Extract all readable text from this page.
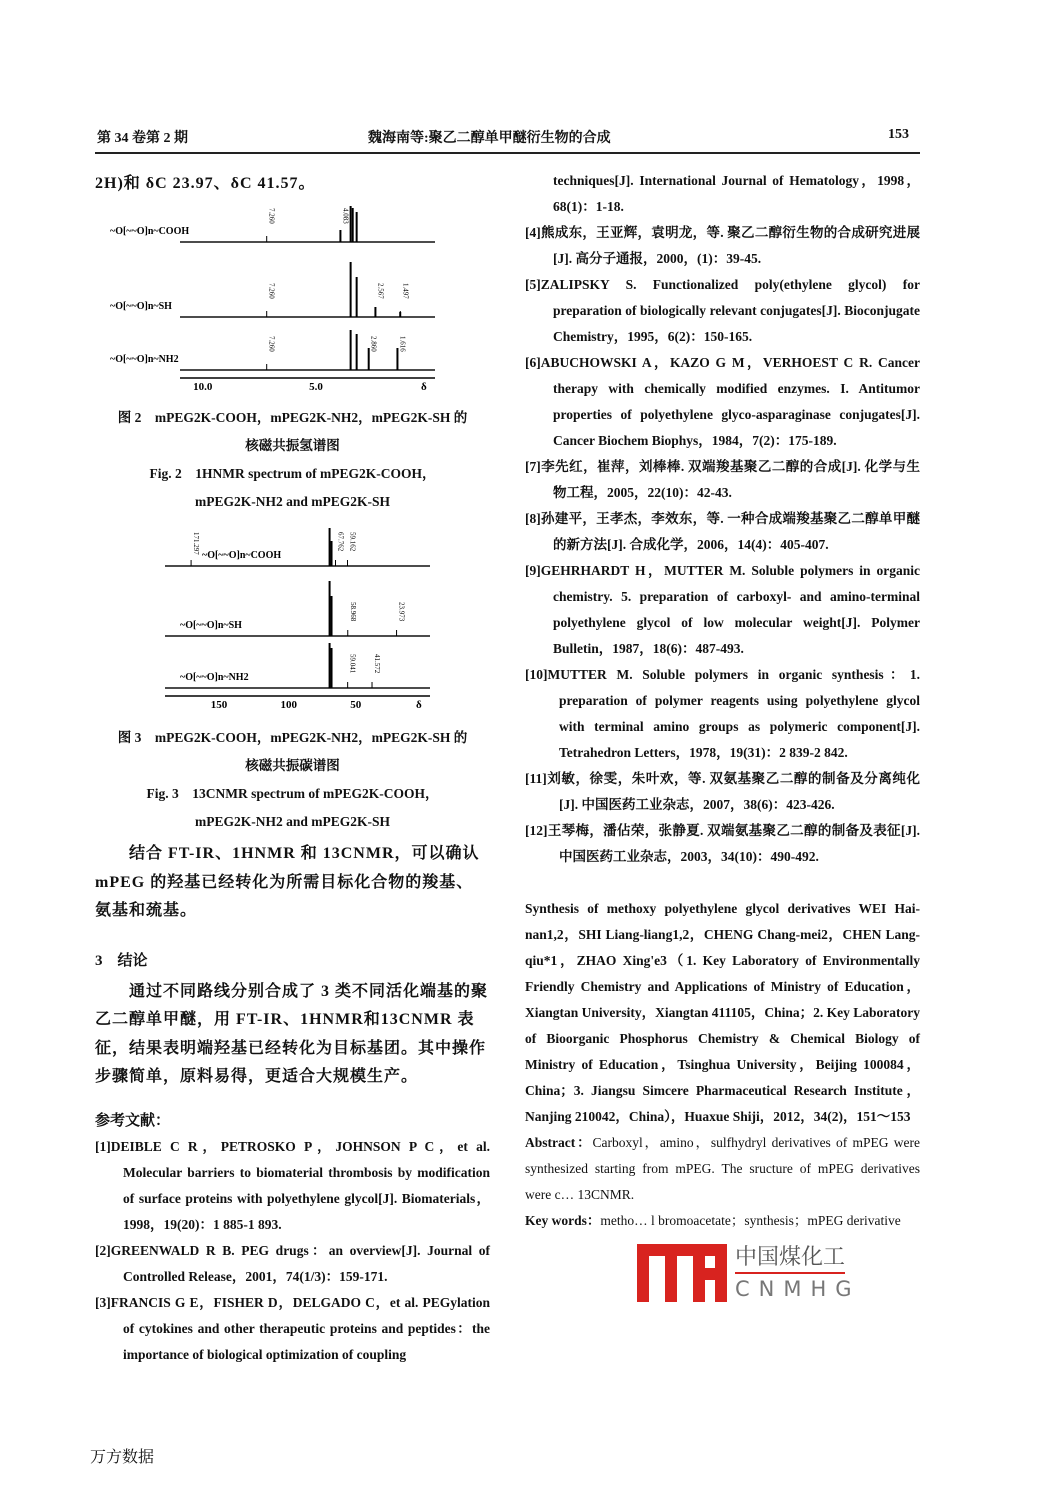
第 34 卷第 2 期	魏海南等:聚乙二醇单甲醚衍生物的合成	153
2H)和 δC 23.97、δC 41.57。
7.260	4.083
~O[~~O]n~COOH
7.260	2.567 1.497
~O[~~O]n~SH
7.260	2.860	1.616
~O[~~O]n~NH2
10.0	5.0	δ
图 2　mPEG2K-COOH，mPEG2K-NH2，mPEG2K-SH 的
核磁共振氢谱图
Fig. 2　1HNMR spectrum of mPEG2K-COOH，
mPEG2K-NH2 and mPEG2K-SH
171.297	67.762 59.162
~O[~~O]n~COOH
58.968	23.973
~O[~~O]n~SH
59.041 41.572
~O[~~O]n~NH2
150	100	50	δ
图 3　mPEG2K-COOH，mPEG2K-NH2，mPEG2K-SH 的
核磁共振碳谱图
Fig. 3　13CNMR spectrum of mPEG2K-COOH，
mPEG2K-NH2 and mPEG2K-SH
　　结合 FT-IR、1HNMR 和 13CNMR，可以确认 mPEG 的羟基已经转化为所需目标化合物的羧基、氨基和巯基。
3　结论
　　通过不同路线分别合成了 3 类不同活化端基的聚乙二醇单甲醚，用 FT-IR、1HNMR和13CNMR 表征，结果表明端羟基已经转化为目标基团。其中操作步骤简单，原料易得，更适合大规模生产。
参考文献：
[1]DEIBLE C R，PETROSKO P，JOHNSON P C，et al. Molecular barriers to biomaterial thrombosis by modification of surface proteins with polyethylene glycol[J]. Biomaterials，1998，19(20)：1 885-1 893.
[2]GREENWALD R B. PEG drugs：an overview[J]. Journal of Controlled Release，2001，74(1/3)：159-171.
[3]FRANCIS G E，FISHER D，DELGADO C，et al. PEGylation of cytokines and other therapeutic proteins and peptides：the importance of biological optimization of coupling
techniques[J]. International Journal of Hematology，1998，68(1)：1-18.
[4]熊成东，王亚辉，袁明龙，等. 聚乙二醇衍生物的合成研究进展[J]. 高分子通报，2000，(1)：39-45.
[5]ZALIPSKY S. Functionalized poly(ethylene glycol) for preparation of biologically relevant conjugates[J]. Bioconjugate Chemistry，1995，6(2)：150-165.
[6]ABUCHOWSKI A，KAZO G M，VERHOEST C R. Cancer therapy with chemically modified enzymes. I. Antitumor properties of polyethylene glyco-asparaginase conjugates[J]. Cancer Biochem Biophys，1984，7(2)：175-189.
[7]李先红，崔萍，刘棒棒. 双端羧基聚乙二醇的合成[J]. 化学与生物工程，2005，22(10)：42-43.
[8]孙建平，王孝杰，李效东，等. 一种合成端羧基聚乙二醇单甲醚的新方法[J]. 合成化学，2006，14(4)：405-407.
[9]GEHRHARDT H，MUTTER M. Soluble polymers in organic chemistry. 5. preparation of carboxyl- and amino-terminal polyethylene glycol of low molecular weight[J]. Polymer Bulletin，1987，18(6)：487-493.
[10]MUTTER M. Soluble polymers in organic synthesis：1. preparation of polymer reagents using polyethylene glycol with terminal amino groups as polymeric component[J]. Tetrahedron Letters，1978，19(31)：2 839-2 842.
[11]刘敏，徐雯，朱叶欢，等. 双氨基聚乙二醇的制备及分离纯化[J]. 中国医药工业杂志，2007，38(6)：423-426.
[12]王琴梅，潘佔荣，张静夏. 双端氨基聚乙二醇的制备及表征[J]. 中国医药工业杂志，2003，34(10)：490-492.
Synthesis of methoxy polyethylene glycol derivatives WEI Hai-nan1,2，SHI Liang-liang1,2，CHENG Chang-mei2，CHEN Lang-qiu*1，ZHAO Xing'e3（1. Key Laboratory of Environmentally Friendly Chemistry and Applications of Ministry of Education，Xiangtan University，Xiangtan 411105，China；2. Key Laboratory of Bioorganic Phosphorus Chemistry & Chemical Biology of Ministry of Education，Tsinghua University，Beijing 100084，China；3. Jiangsu Simcere Pharmaceutical Research Institute，Nanjing 210042，China），Huaxue Shiji，2012，34(2)，151～153
Abstract：Carboxyl，amino，sulfhydryl derivatives of mPEG were synthesized starting from mPEG. The sructure of mPEG derivatives were c… 13CNMR.
Key words：metho… l bromoacetate；synthesis；mPEG derivative
中国煤化工
CNMHG
万方数据
